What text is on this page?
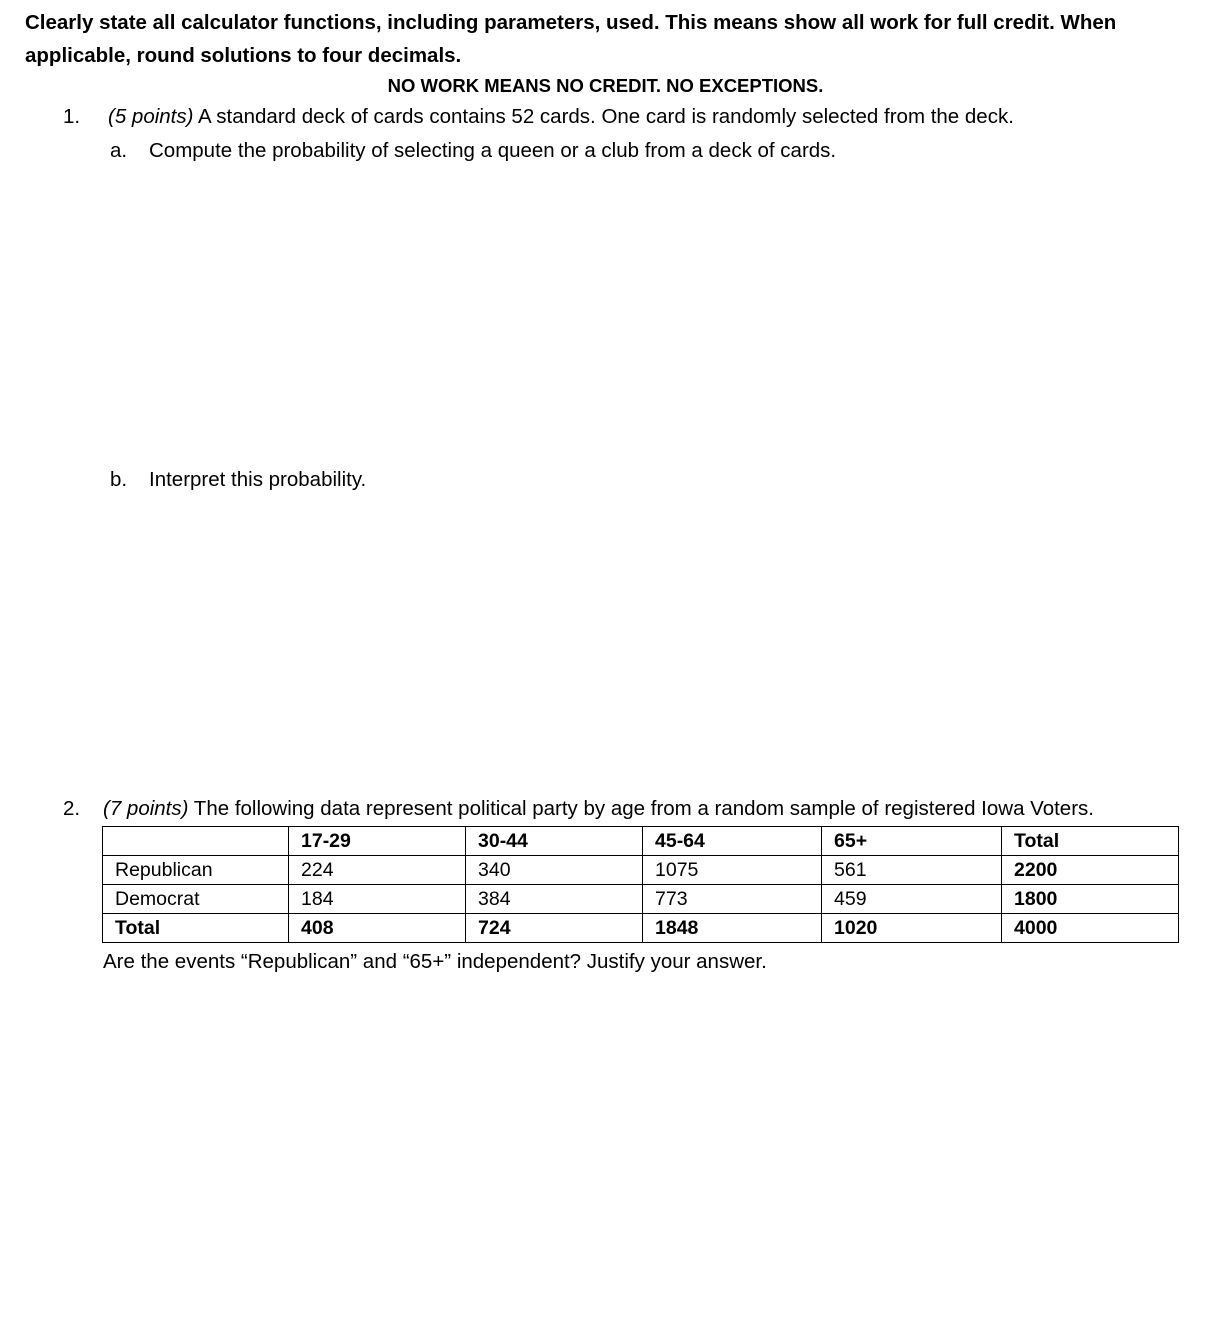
Clearly state all calculator functions, including parameters, used. This means show all work for full credit. When applicable, round solutions to four decimals.
NO WORK MEANS NO CREDIT. NO EXCEPTIONS.
1. (5 points) A standard deck of cards contains 52 cards. One card is randomly selected from the deck.
a. Compute the probability of selecting a queen or a club from a deck of cards.
b. Interpret this probability.
2. (7 points) The following data represent political party by age from a random sample of registered Iowa Voters.
	17-29	30-44	45-64	65+	Total
Republican	224	340	1075	561	2200
Democrat	184	384	773	459	1800
Total	408	724	1848	1020	4000
Are the events “Republican” and “65+” independent? Justify your answer.
